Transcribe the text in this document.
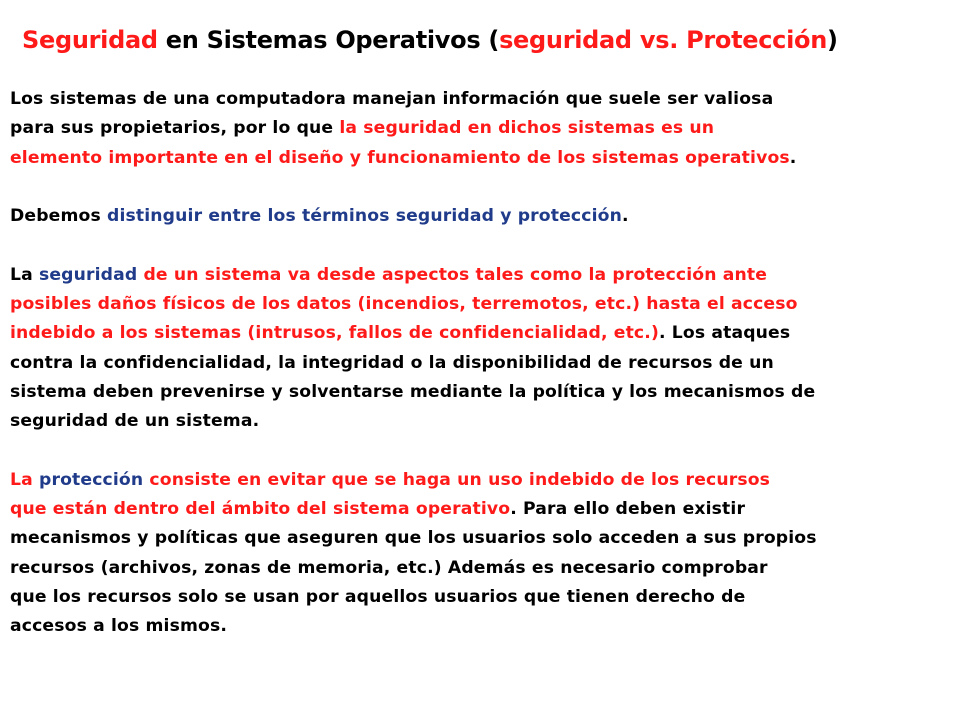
Seguridad en Sistemas Operativos (seguridad vs. Protección)
Los sistemas de una computadora manejan información que suele ser valiosa
para sus propietarios, por lo que la seguridad en dichos sistemas es un
elemento importante en el diseño y funcionamiento de los sistemas operativos.
Debemos distinguir entre los términos seguridad y protección.
La seguridad de un sistema va desde aspectos tales como la protección ante
posibles daños físicos de los datos (incendios, terremotos, etc.) hasta el acceso
indebido a los sistemas (intrusos, fallos de confidencialidad, etc.). Los ataques
contra la confidencialidad, la integridad o la disponibilidad de recursos de un
sistema deben prevenirse y solventarse mediante la política y los mecanismos de
seguridad de un sistema.
La protección consiste en evitar que se haga un uso indebido de los recursos
que están dentro del ámbito del sistema operativo. Para ello deben existir
mecanismos y políticas que aseguren que los usuarios solo acceden a sus propios
recursos (archivos, zonas de memoria, etc.) Además es necesario comprobar
que los recursos solo se usan por aquellos usuarios que tienen derecho de
accesos a los mismos.
